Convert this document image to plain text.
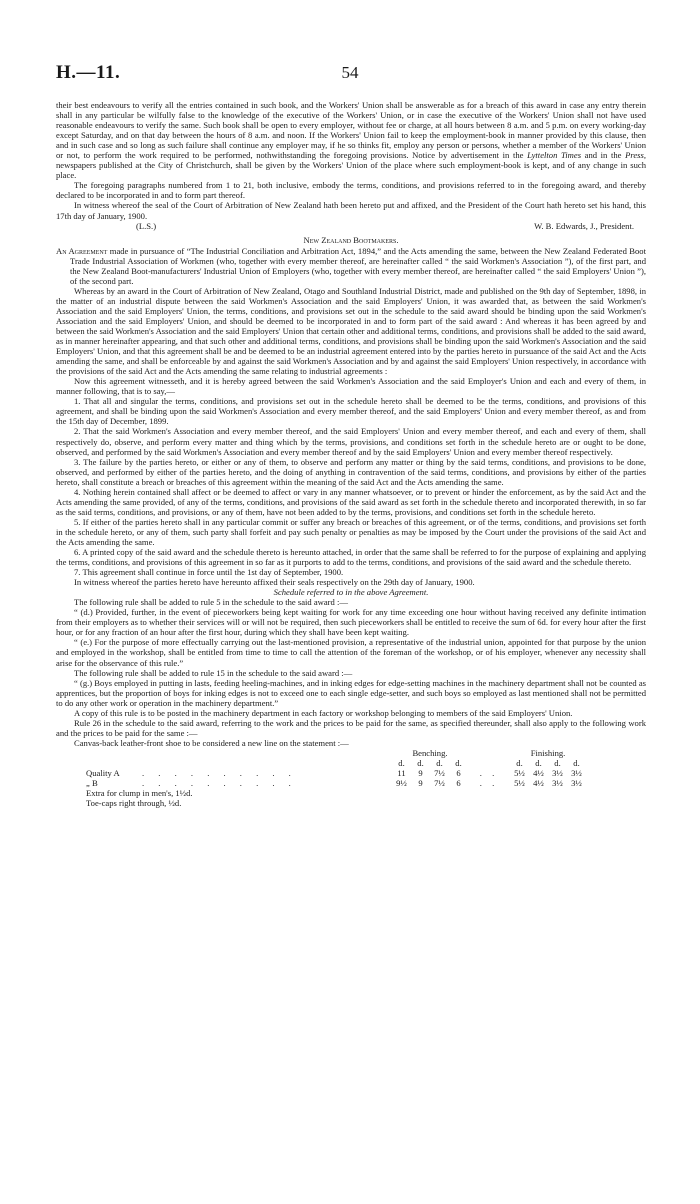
H.—11.	54

their best endeavours to verify all the entries contained in such book, and the Workers' Union shall be answerable as for a breach of this award in case any entry therein shall in any particular be wilfully false to the knowledge of the executive of the Workers' Union, or in case the executive of the Workers' Union shall not have used reasonable endeavours to verify the same. Such book shall be open to every employer, without fee or charge, at all hours between 8 a.m. and 5 p.m. on every working-day except Saturday, and on that day between the hours of 8 a.m. and noon. If the Workers' Union fail to keep the employment-book in manner provided by this clause, then and in such case and so long as such failure shall continue any employer may, if he so thinks fit, employ any person or persons, whether a member of the Workers' Union or not, to perform the work required to be performed, nothwithstanding the foregoing provisions. Notice by advertisement in the Lyttelton Times and in the Press, newspapers published at the City of Christchurch, shall be given by the Workers' Union of the place where such employment-book is kept, and of any change in such place.

The foregoing paragraphs numbered from 1 to 21, both inclusive, embody the terms, conditions, and provisions referred to in the foregoing award, and thereby declared to be incorporated in and to form part thereof.

In witness whereof the seal of the Court of Arbitration of New Zealand hath been hereto put and affixed, and the President of the Court hath hereto set his hand, this 17th day of January, 1900.

(L.S.)	W. B. Edwards, J., President.
New Zealand Bootmakers.

An Agreement made in pursuance of “The Industrial Conciliation and Arbitration Act, 1894,” and the Acts amending the same, between the New Zealand Federated Boot Trade Industrial Association of Workmen (who, together with every member thereof, are hereinafter called “ the said Workmen's Association ”), of the first part, and the New Zealand Boot-manufacturers' Industrial Union of Employers (who, together with every member thereof, are hereinafter called “ the said Employers' Union ”), of the second part.

Whereas by an award in the Court of Arbitration of New Zealand, Otago and Southland Industrial District, made and published on the 9th day of September, 1898, in the matter of an industrial dispute between the said Workmen's Association and the said Employers' Union, it was awarded that, as between the said Workmen's Association and the said Employers' Union, the terms, conditions, and provisions set out in the schedule to the said award should be binding upon the said Workmen's Association and the said Employers' Union, and should be deemed to be incorporated in and to form part of the said award : And whereas it has been agreed by and between the said Workmen's Association and the said Employers' Union that certain other and additional terms, conditions, and provisions shall be added to the said award, as in manner hereinafter appearing, and that such other and additional terms, conditions, and provisions shall be binding upon the said Workmen's Association and the said Employers' Union, and that this agreement shall be and be deemed to be an industrial agreement entered into by the parties hereto in pursuance of the said Act and the Acts amending the same, and shall be enforceable by and against the said Workmen's Association and by and against the said Employers' Union respectively, in accordance with the provisions of the said Act and the Acts amending the same relating to industrial agreements :

Now this agreement witnesseth, and it is hereby agreed between the said Workmen's Association and the said Employer's Union and each and every of them, in manner following, that is to say,—

1. That all and singular the terms, conditions, and provisions set out in the schedule hereto shall be deemed to be the terms, conditions, and provisions of this agreement, and shall be binding upon the said Workmen's Association and every member thereof, and the said Employers' Union and every member thereof, as and from the 15th day of December, 1899.

2. That the said Workmen's Association and every member thereof, and the said Employers' Union and every member thereof, and each and every of them, shall respectively do, observe, and perform every matter and thing which by the terms, provisions, and conditions set forth in the schedule hereto are or ought to be done, observed, and performed by the said Workmen's Association and every member thereof and by the said Employers' Union and every member thereof respectively.

3. The failure by the parties hereto, or either or any of them, to observe and perform any matter or thing by the said terms, conditions, and provisions to be done, observed, and performed by either of the parties hereto, and the doing of anything in contravention of the said terms, conditions, and provisions by either of the parties hereto, shall constitute a breach or breaches of this agreement within the meaning of the said Act and the Acts amending the same.

4. Nothing herein contained shall affect or be deemed to affect or vary in any manner whatsoever, or to prevent or hinder the enforcement, as by the said Act and the Acts amending the same provided, of any of the terms, conditions, and provisions of the said award as set forth in the schedule thereto and incorporated therewith, in so far as the said terms, conditions, and provisions, or any of them, have not been added to by the terms, provisions, and conditions set forth in the schedule hereto.

5. If either of the parties hereto shall in any particular commit or suffer any breach or breaches of this agreement, or of the terms, conditions, and provisions set forth in the schedule hereto, or any of them, such party shall forfeit and pay such penalty or penalties as may be imposed by the Court under the provisions of the said Act and the Acts amending the same.

6. A printed copy of the said award and the schedule thereto is hereunto attached, in order that the same shall be referred to for the purpose of explaining and applying the terms, conditions, and provisions of this agreement in so far as it purports to add to the terms, conditions, and provisions of the said award and the schedule thereto.

7. This agreement shall continue in force until the 1st day of September, 1900.

In witness whereof the parties hereto have hereunto affixed their seals respectively on the 29th day of January, 1900.

Schedule referred to in the above Agreement.

The following rule shall be added to rule 5 in the schedule to the said award :—

“ (d.) Provided, further, in the event of pieceworkers being kept waiting for work for any time exceeding one hour without having received any definite intimation from their employers as to whether their services will or will not be required, then such pieceworkers shall be entitled to receive the sum of 6d. for every hour after the first hour, or for any fraction of an hour after the first hour, during which they shall have been kept waiting.

“ (e.) For the purpose of more effectually carrying out the last-mentioned provision, a representative of the industrial union, appointed for that purpose by the union and employed in the workshop, shall be entitled from time to time to call the attention of the foreman of the workshop, or of his employer, whenever any necessity shall arise for the observance of this rule.”

The following rule shall be added to rule 15 in the schedule to the said award :—

“ (g.) Boys employed in putting in lasts, feeding heeling-machines, and in inking edges for edge-setting machines in the machinery department shall not be counted as apprentices, but the proportion of boys for inking edges is not to exceed one to each single edge-setter, and such boys so employed as last mentioned shall not be permitted to do any other work or operation in the machinery department.”

A copy of this rule is to be posted in the machinery department in each factory or workshop belonging to members of the said Employers' Union.

Rule 26 in the schedule to the said award, referring to the work and the prices to be paid for the same, as specified thereunder, shall also apply to the following work and the prices to be paid for the same :—

Canvas-back leather-front shoe to be considered a new line on the statement :—

		Benching.					Finishing.			
		d.	d.	d.	d.		d.	d.	d.	d.
Quality A	. . . . . . . . . .	11	9	7½	6	. .	5½	4½	3½	3½
„ B	. . . . . . . . . .	9½	9	7½	6	. .	5½	4½	3½	3½

Extra for clump in men's, 1½d.

Toe-caps right through, ½d.
